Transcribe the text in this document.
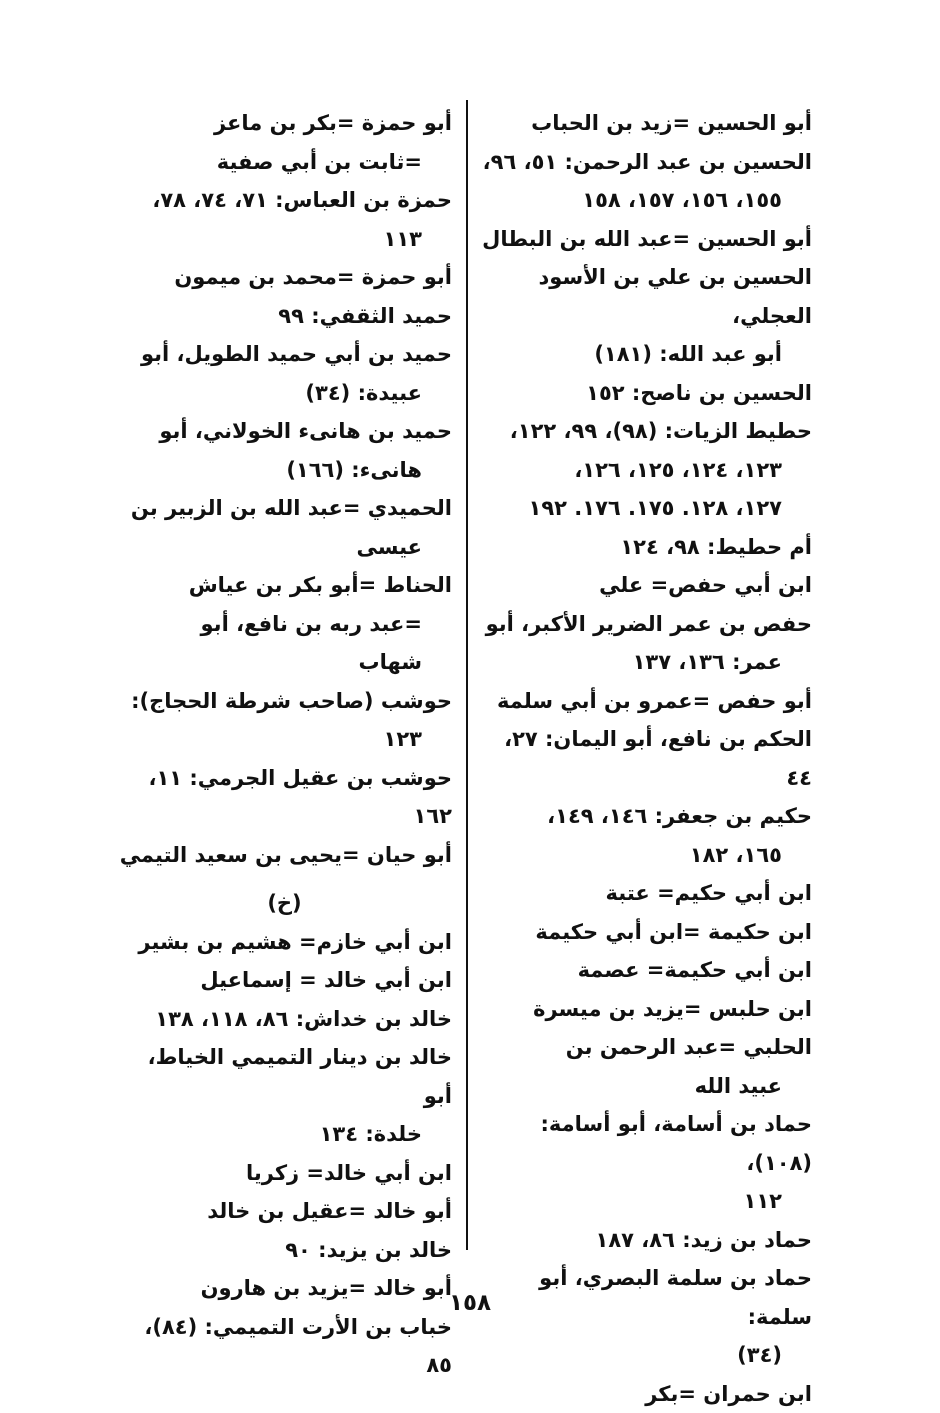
أبو الحسين =زيد بن الحباب
الحسين بن عبد الرحمن: ٥١، ٩٦،
١٥٥، ١٥٦، ١٥٧، ١٥٨
أبو الحسين =عبد الله بن البطال
الحسين بن علي بن الأسود العجلي،
أبو عبد الله: (١٨١)
الحسين بن ناصح: ١٥٢
حطيط الزيات: (٩٨)، ٩٩، ١٢٢،
١٢٣، ١٢٤، ١٢٥، ١٢٦،
١٢٧، ١٢٨. ١٧٥. ١٧٦. ١٩٢
أم حطيط: ٩٨، ١٢٤
ابن أبي حفص= علي
حفص بن عمر الضرير الأكبر، أبو
عمر: ١٣٦، ١٣٧
أبو حفص =عمرو بن أبي سلمة
الحكم بن نافع، أبو اليمان: ٢٧، ٤٤
حكيم بن جعفر: ١٤٦، ١٤٩،
١٦٥، ١٨٢
ابن أبي حكيم= عتبة
ابن حكيمة =ابن أبي حكيمة
ابن أبي حكيمة= عصمة
ابن حلبس =يزيد بن ميسرة
الحلبي =عبد الرحمن بن
عبيد الله
حماد بن أسامة، أبو أسامة: (١٠٨)،
١١٢
حماد بن زيد: ٨٦، ١٨٧
حماد بن سلمة البصري، أبو سلمة:
(٣٤)
ابن حمران =بكر
أبو حمزة =بكر بن ماعز
=ثابت بن أبي صفية
حمزة بن العباس: ٧١، ٧٤، ٧٨،
١١٣
أبو حمزة =محمد بن ميمون
حميد الثقفي: ٩٩
حميد بن أبي حميد الطويل، أبو
عبيدة: (٣٤)
حميد بن هانىء الخولاني، أبو
هانىء: (١٦٦)
الحميدي =عبد الله بن الزبير بن
عيسى
الحناط =أبو بكر بن عياش
=عبد ربه بن نافع، أبو
شهاب
حوشب (صاحب شرطة الحجاج):
١٢٣
حوشب بن عقيل الجرمي: ١١، ١٦٢
أبو حيان =يحيى بن سعيد التيمي
(خ)
ابن أبي خازم= هشيم بن بشير
ابن أبي خالد = إسماعيل
خالد بن خداش: ٨٦، ١١٨، ١٣٨
خالد بن دينار التميمي الخياط، أبو
خلدة: ١٣٤
ابن أبي خالد= زكريا
أبو خالد =عقيل بن خالد
خالد بن يزيد: ٩٠
أبو خالد =يزيد بن هارون
خباب بن الأرت التميمي: (٨٤)، ٨٥
١٥٨
